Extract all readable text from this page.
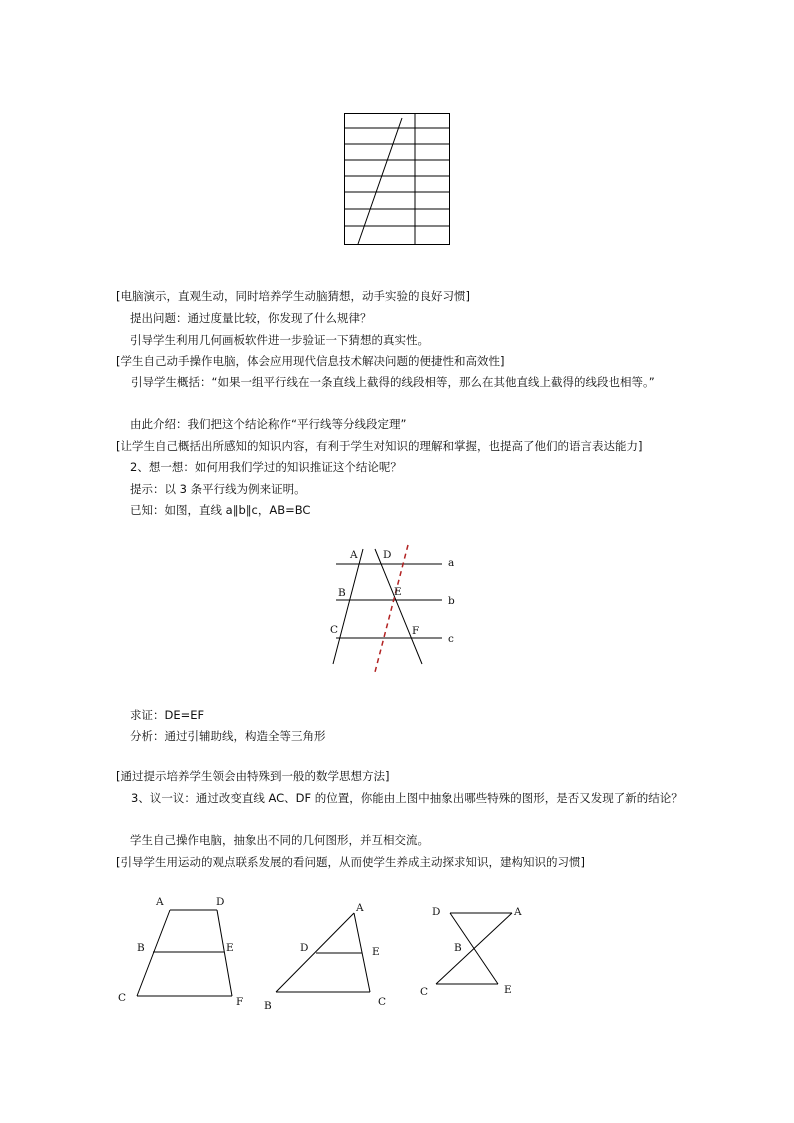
[电脑演示，直观生动，同时培养学生动脑猜想，动手实验的良好习惯]

提出问题：通过度量比较，你发现了什么规律？

引导学生利用几何画板软件进一步验证一下猜想的真实性。

[学生自己动手操作电脑，体会应用现代信息技术解决问题的便捷性和高效性]

引导学生概括：“如果一组平行线在一条直线上截得的线段相等，那么在其他直线上截得的线段也相等。”

由此介绍：我们把这个结论称作“平行线等分线段定理”

[让学生自己概括出所感知的知识内容，有利于学生对知识的理解和掌握，也提高了他们的语言表达能力]

2、想一想：如何用我们学过的知识推证这个结论呢？

提示：以 3 条平行线为例来证明。

已知：如图，直线 a∥b∥c，AB=BC

A D
a
B	E
b
C	F
c

求证：DE=EF

分析：通过引辅助线，构造全等三角形

[通过提示培养学生领会由特殊到一般的数学思想方法]

3、议一议：通过改变直线 AC、DF 的位置，你能由上图中抽象出哪些特殊的图形，是否又发现了新的结论？

学生自己操作电脑，抽象出不同的几何图形，并互相交流。

[引导学生用运动的观点联系发展的看问题，从而使学生养成主动探求知识，建构知识的习惯]

A	D
B	E
C	F
A
D	E
B	C
D	A
B
C	E
